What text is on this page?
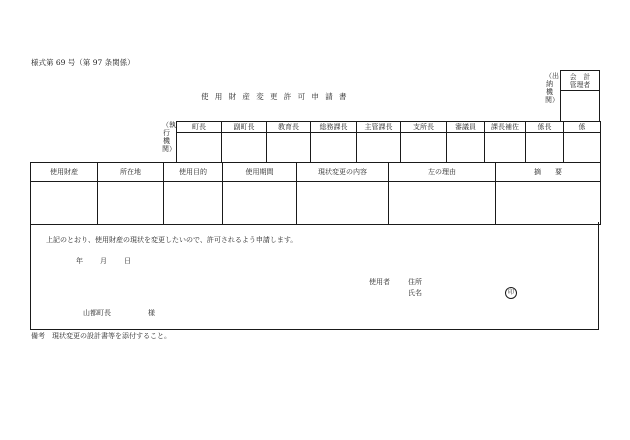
様式第 69 号（第 97 条関係）
使用財産変更許可申請書
（出納機関）
会　計
管理者

（執行機関）
町長	副町長	教育長	総務課長	主管課長	支所長	審議員	課長補佐	係長	係

使用財産	所在地	使用目的	使用期間	現状変更の内容	左の理由	摘　　要

上記のとおり、使用財産の現状を変更したいので、許可されるよう申請します。
年 月 日
使用者	住所
氏名	印
山都町長	様
備考　現状変更の設計書等を添付すること。
